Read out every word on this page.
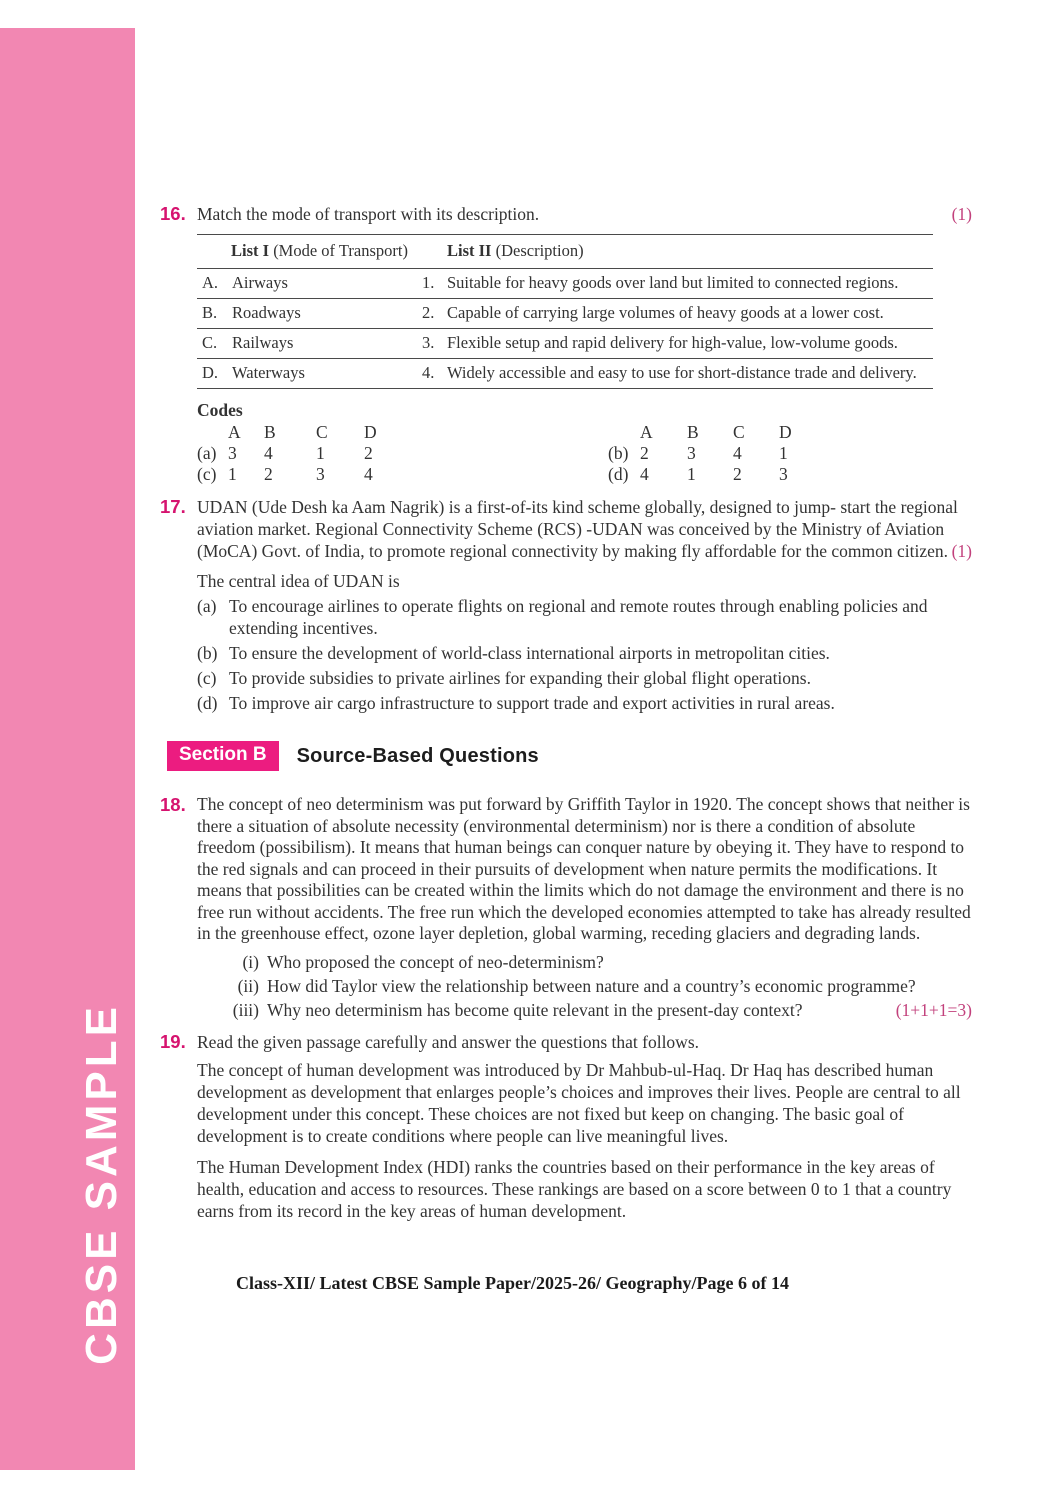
CBSE SAMPLE
16. Match the mode of transport with its description.	(1)
List I (Mode of Transport)	List II (Description)
A. Airways	1. Suitable for heavy goods over land but limited to connected regions.
B. Roadways	2. Capable of carrying large volumes of heavy goods at a lower cost.
C. Railways	3. Flexible setup and rapid delivery for high-value, low-volume goods.
D. Waterways	4. Widely accessible and easy to use for short-distance trade and delivery.
Codes
A	B	C	D
(a) 3	4	1	2
(c) 1	2	3	4
A	B	C	D
(b) 2	3	4	1
(d) 4	1	2	3
17. UDAN (Ude Desh ka Aam Nagrik) is a first-of-its kind scheme globally, designed to jump- start the regional aviation market. Regional Connectivity Scheme (RCS) -UDAN was conceived by the Ministry of Aviation (MoCA) Govt. of India, to promote regional connectivity by making fly affordable for the common citizen. (1)
The central idea of UDAN is
(a) To encourage airlines to operate flights on regional and remote routes through enabling policies and extending incentives.
(b) To ensure the development of world-class international airports in metropolitan cities.
(c) To provide subsidies to private airlines for expanding their global flight operations.
(d) To improve air cargo infrastructure to support trade and export activities in rural areas.
Section B	Source-Based Questions
18. The concept of neo determinism was put forward by Griffith Taylor in 1920. The concept shows that neither is there a situation of absolute necessity (environmental determinism) nor is there a condition of absolute freedom (possibilism). It means that human beings can conquer nature by obeying it. They have to respond to the red signals and can proceed in their pursuits of development when nature permits the modifications. It means that possibilities can be created within the limits which do not damage the environment and there is no free run without accidents. The free run which the developed economies attempted to take has already resulted in the greenhouse effect, ozone layer depletion, global warming, receding glaciers and degrading lands.
(i) Who proposed the concept of neo-determinism?
(ii) How did Taylor view the relationship between nature and a country’s economic programme?
(iii) Why neo determinism has become quite relevant in the present-day context?	(1+1+1=3)
19. Read the given passage carefully and answer the questions that follows.
The concept of human development was introduced by Dr Mahbub-ul-Haq. Dr Haq has described human development as development that enlarges people’s choices and improves their lives. People are central to all development under this concept. These choices are not fixed but keep on changing. The basic goal of development is to create conditions where people can live meaningful lives.
The Human Development Index (HDI) ranks the countries based on their performance in the key areas of health, education and access to resources. These rankings are based on a score between 0 to 1 that a country earns from its record in the key areas of human development.
Class-XII/ Latest CBSE Sample Paper/2025-26/ Geography/Page 6 of 14
